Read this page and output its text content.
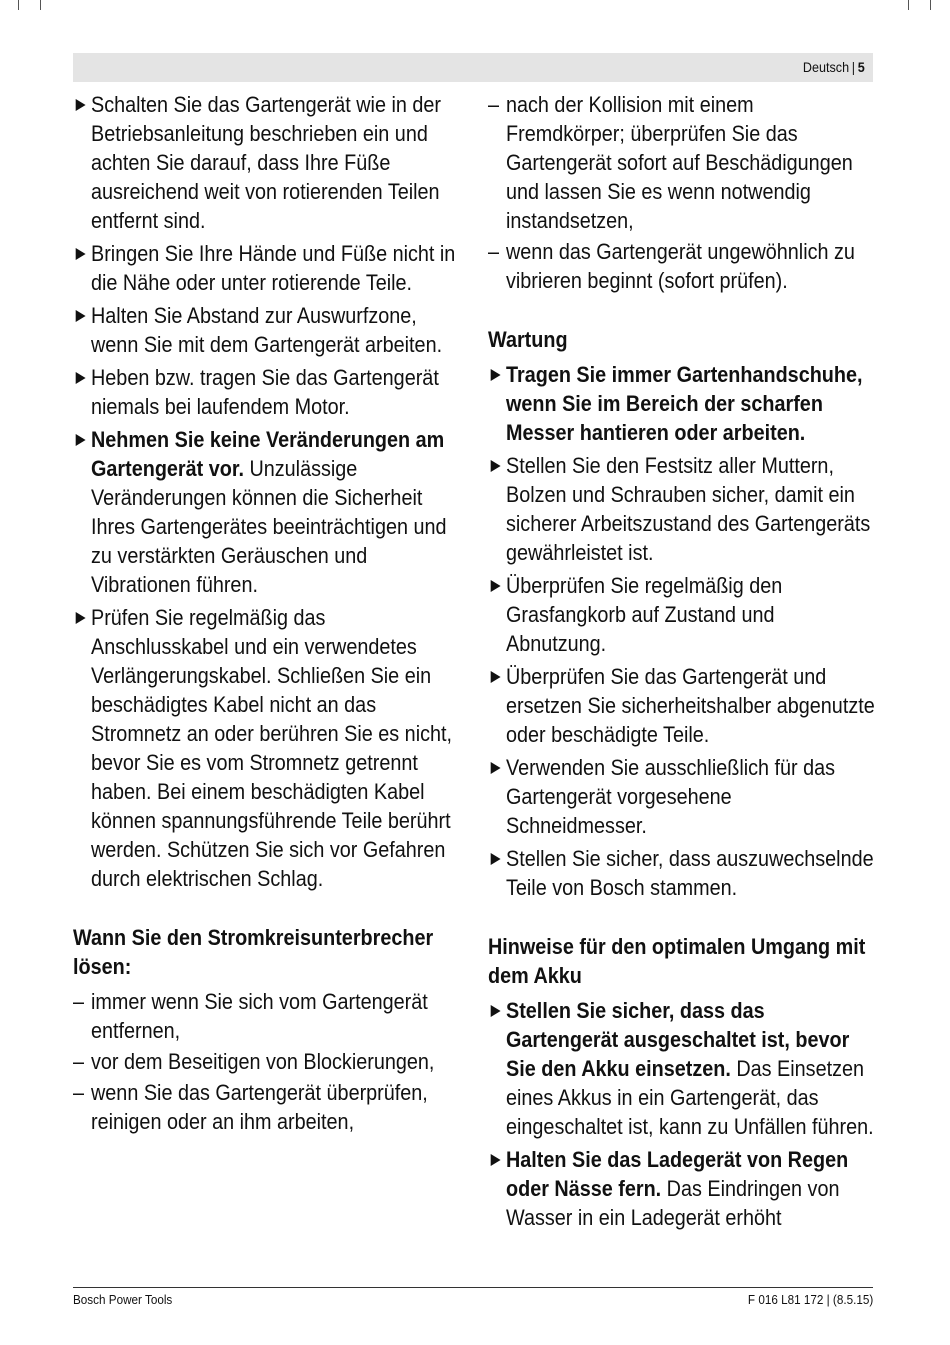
Deutsch | 5
Schalten Sie das Gartengerät wie in der Betriebsanleitung beschrieben ein und achten Sie darauf, dass Ihre Füße ausreichend weit von rotierenden Teilen entfernt sind.
Bringen Sie Ihre Hände und Füße nicht in die Nähe oder unter rotierende Teile.
Halten Sie Abstand zur Auswurfzone, wenn Sie mit dem Gartengerät arbeiten.
Heben bzw. tragen Sie das Gartengerät niemals bei laufendem Motor.
Nehmen Sie keine Veränderungen am Gartengerät vor. Unzulässige Veränderungen können die Sicherheit Ihres Gartengerätes beeinträchtigen und zu verstärkten Geräuschen und Vibrationen führen.
Prüfen Sie regelmäßig das Anschlusskabel und ein verwendetes Verlängerungskabel. Schließen Sie ein beschädigtes Kabel nicht an das Stromnetz an oder berühren Sie es nicht, bevor Sie es vom Stromnetz getrennt haben. Bei einem beschädigten Kabel können spannungsführende Teile berührt werden. Schützen Sie sich vor Gefahren durch elektrischen Schlag.
Wann Sie den Stromkreisunterbrecher lösen:
– immer wenn Sie sich vom Gartengerät entfernen,
– vor dem Beseitigen von Blockierungen,
– wenn Sie das Gartengerät überprüfen, reinigen oder an ihm arbeiten,
– nach der Kollision mit einem Fremdkörper; überprüfen Sie das Gartengerät sofort auf Beschädigungen und lassen Sie es wenn notwendig instandsetzen,
– wenn das Gartengerät ungewöhnlich zu vibrieren beginnt (sofort prüfen).
Wartung
Tragen Sie immer Gartenhandschuhe, wenn Sie im Bereich der scharfen Messer hantieren oder arbeiten.
Stellen Sie den Festsitz aller Muttern, Bolzen und Schrauben sicher, damit ein sicherer Arbeitszustand des Gartengeräts gewährleistet ist.
Überprüfen Sie regelmäßig den Grasfangkorb auf Zustand und Abnutzung.
Überprüfen Sie das Gartengerät und ersetzen Sie sicherheitshalber abgenutzte oder beschädigte Teile.
Verwenden Sie ausschließlich für das Gartengerät vorgesehene Schneidmesser.
Stellen Sie sicher, dass auszuwechselnde Teile von Bosch stammen.
Hinweise für den optimalen Umgang mit dem Akku
Stellen Sie sicher, dass das Gartengerät ausgeschaltet ist, bevor Sie den Akku einsetzen. Das Einsetzen eines Akkus in ein Gartengerät, das eingeschaltet ist, kann zu Unfällen führen.
Halten Sie das Ladegerät von Regen oder Nässe fern. Das Eindringen von Wasser in ein Ladegerät erhöht
Bosch Power Tools	F 016 L81 172 | (8.5.15)
